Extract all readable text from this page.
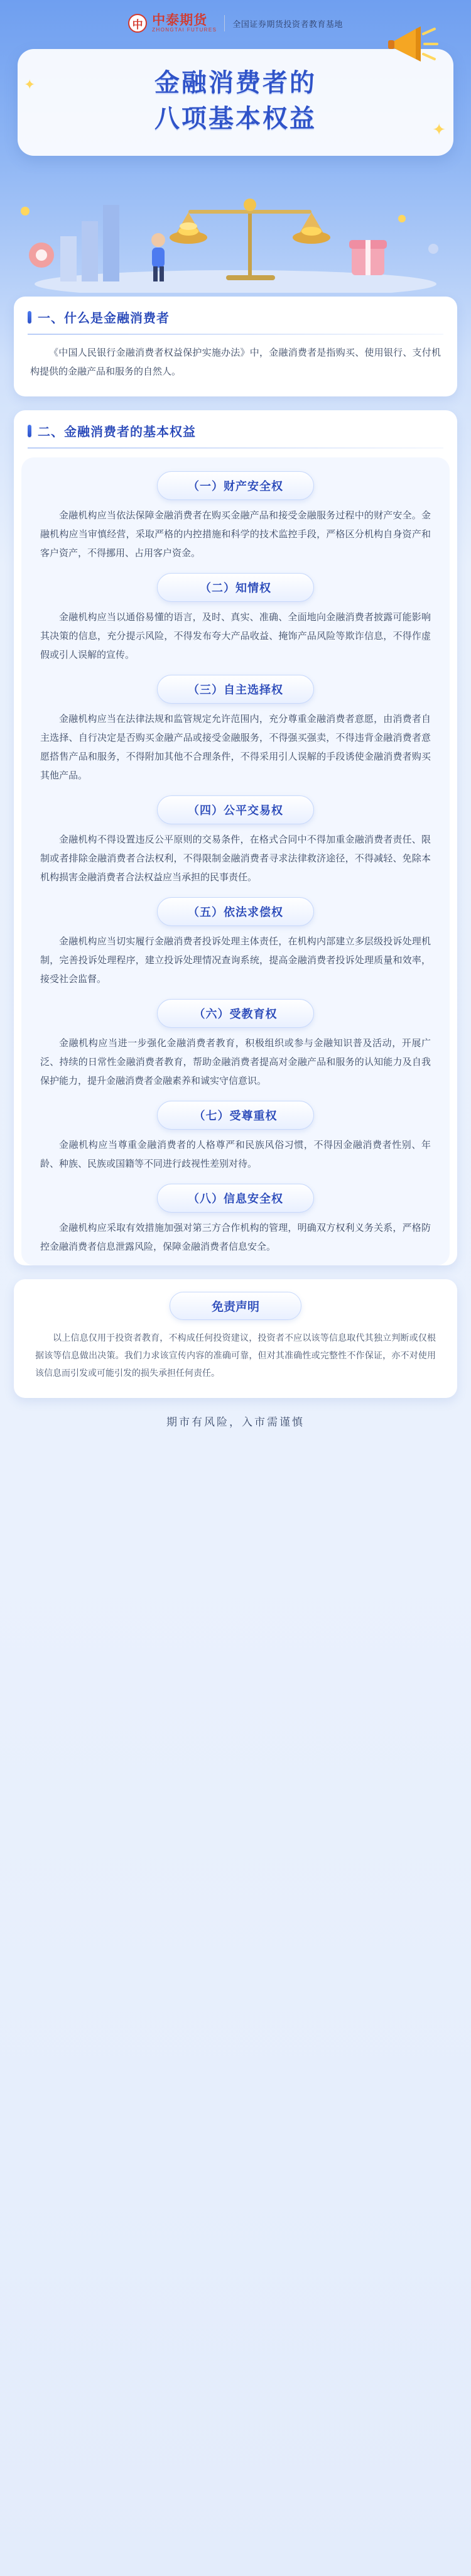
中 中泰期货
ZHONGTAI FUTURES
全国证券期货投资者教育基地
金融消费者的
八项基本权益
✦
✦
一、什么是金融消费者
《中国人民银行金融消费者权益保护实施办法》中，金融消费者是指购买、使用银行、支付机构提供的金融产品和服务的自然人。
二、金融消费者的基本权益
（一）财产安全权
金融机构应当依法保障金融消费者在购买金融产品和接受金融服务过程中的财产安全。金融机构应当审慎经营，采取严格的内控措施和科学的技术监控手段，严格区分机构自身资产和客户资产，不得挪用、占用客户资金。
（二）知情权
金融机构应当以通俗易懂的语言，及时、真实、准确、全面地向金融消费者披露可能影响其决策的信息，充分提示风险，不得发布夸大产品收益、掩饰产品风险等欺诈信息，不得作虚假或引人误解的宣传。
（三）自主选择权
金融机构应当在法律法规和监管规定允许范围内，充分尊重金融消费者意愿，由消费者自主选择、自行决定是否购买金融产品或接受金融服务，不得强买强卖，不得违背金融消费者意愿搭售产品和服务，不得附加其他不合理条件，不得采用引人误解的手段诱使金融消费者购买其他产品。
（四）公平交易权
金融机构不得设置违反公平原则的交易条件，在格式合同中不得加重金融消费者责任、限制或者排除金融消费者合法权利，不得限制金融消费者寻求法律救济途径，不得减轻、免除本机构损害金融消费者合法权益应当承担的民事责任。
（五）依法求偿权
金融机构应当切实履行金融消费者投诉处理主体责任，在机构内部建立多层级投诉处理机制，完善投诉处理程序，建立投诉处理情况查询系统，提高金融消费者投诉处理质量和效率，接受社会监督。
（六）受教育权
金融机构应当进一步强化金融消费者教育，积极组织或参与金融知识普及活动，开展广泛、持续的日常性金融消费者教育，帮助金融消费者提高对金融产品和服务的认知能力及自我保护能力，提升金融消费者金融素养和诚实守信意识。
（七）受尊重权
金融机构应当尊重金融消费者的人格尊严和民族风俗习惯，不得因金融消费者性别、年龄、种族、民族或国籍等不同进行歧视性差别对待。
（八）信息安全权
金融机构应采取有效措施加强对第三方合作机构的管理，明确双方权利义务关系，严格防控金融消费者信息泄露风险，保障金融消费者信息安全。
免责声明
以上信息仅用于投资者教育，不构成任何投资建议，投资者不应以该等信息取代其独立判断或仅根据该等信息做出决策。我们力求该宣传内容的准确可靠，但对其准确性或完整性不作保证，亦不对使用该信息而引发或可能引发的损失承担任何责任。
期市有风险，入市需谨慎
